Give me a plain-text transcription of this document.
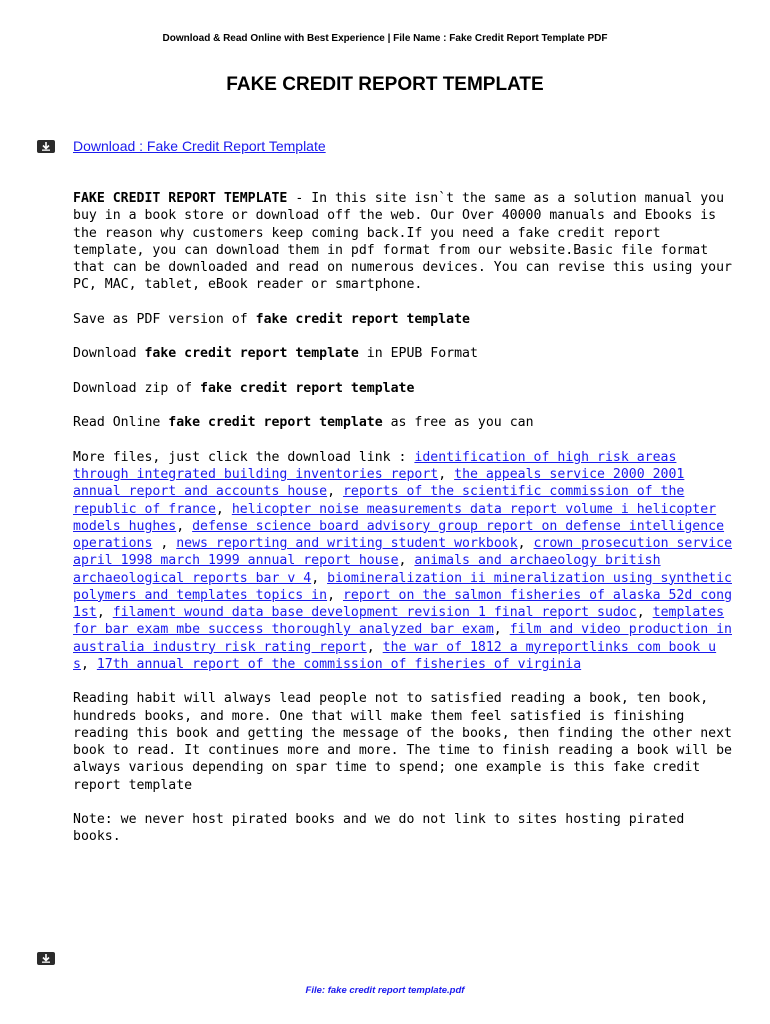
Download & Read Online with Best Experience | File Name : Fake Credit Report Template PDF
FAKE CREDIT REPORT TEMPLATE
Download : Fake Credit Report Template

FAKE CREDIT REPORT TEMPLATE - In this site isn`t the same as a solution manual you buy in a book store or download off the web. Our Over 40000 manuals and Ebooks is the reason why customers keep coming back.If you need a fake credit report template, you can download them in pdf format from our website.Basic file format that can be downloaded and read on numerous devices. You can revise this using your PC, MAC, tablet, eBook reader or smartphone.

Save as PDF version of fake credit report template

Download fake credit report template in EPUB Format

Download zip of fake credit report template

Read Online fake credit report template as free as you can

More files, just click the download link : identification of high risk areas through integrated building inventories report, the appeals service 2000 2001 annual report and accounts house, reports of the scientific commission of the republic of france, helicopter noise measurements data report volume i helicopter models hughes, defense science board advisory group report on defense intelligence operations , news reporting and writing student workbook, crown prosecution service april 1998 march 1999 annual report house, animals and archaeology british archaeological reports bar v 4, biomineralization ii mineralization using synthetic polymers and templates topics in, report on the salmon fisheries of alaska 52d cong 1st, filament wound data base development revision 1 final report sudoc, templates for bar exam mbe success thoroughly analyzed bar exam, film and video production in australia industry risk rating report, the war of 1812 a myreportlinks com book u s, 17th annual report of the commission of fisheries of virginia

Reading habit will always lead people not to satisfied reading a book, ten book, hundreds books, and more. One that will make them feel satisfied is finishing reading this book and getting the message of the books, then finding the other next book to read. It continues more and more. The time to finish reading a book will be always various depending on spar time to spend; one example is this fake credit report template

Note: we never host pirated books and we do not link to sites hosting pirated books.

File: fake credit report template.pdf
